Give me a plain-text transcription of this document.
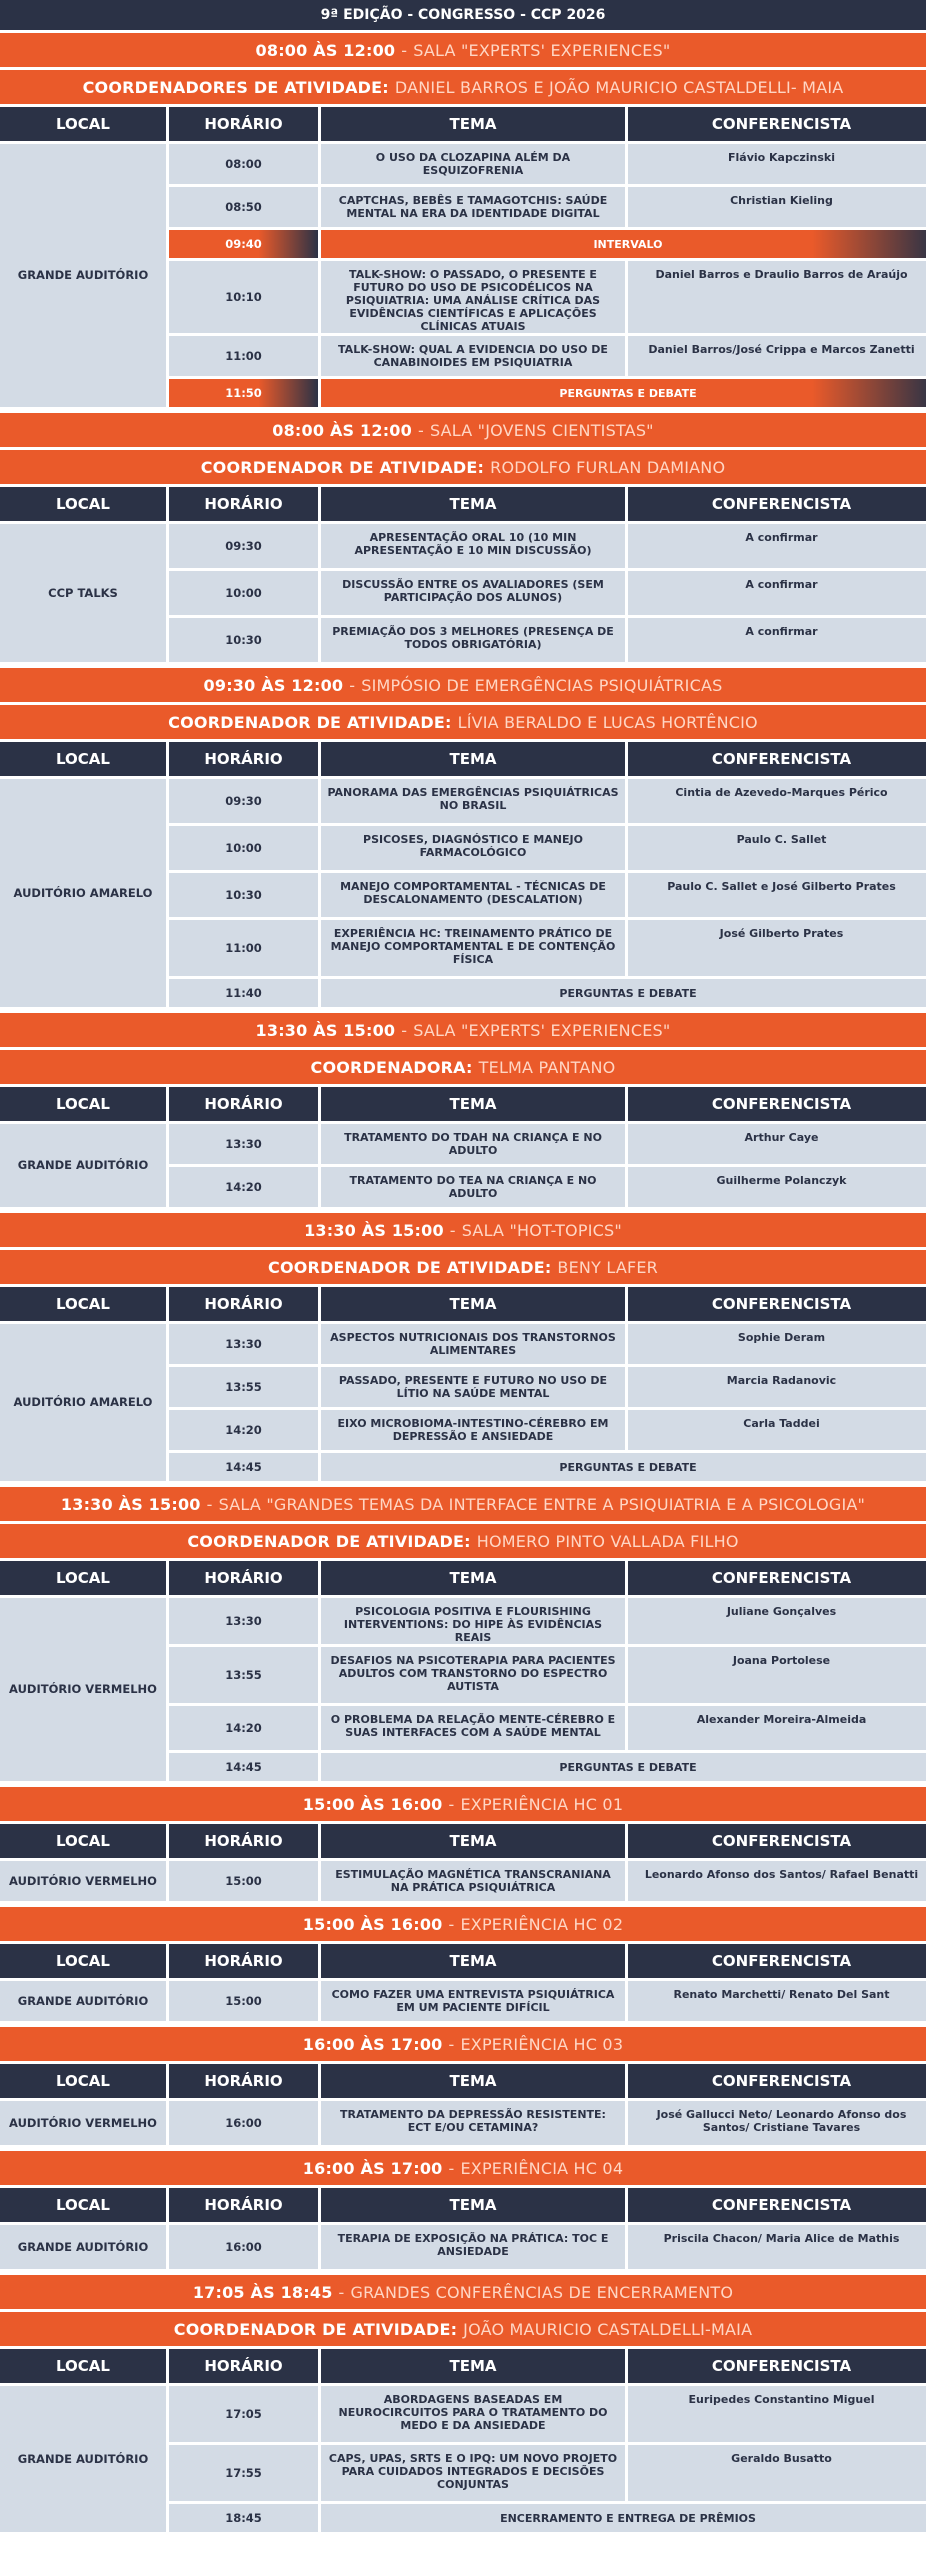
9ª EDIÇÃO - CONGRESSO - CCP 2026
08:00 ÀS 12:00 - SALA "EXPERTS' EXPERIENCES"
COORDENADORES DE ATIVIDADE: DANIEL BARROS E JOÃO MAURICIO CASTALDELLI- MAIA
LOCAL	HORÁRIO	TEMA	CONFERENCISTA
GRANDE AUDITÓRIO	08:00	O USO DA CLOZAPINA ALÉM DA ESQUIZOFRENIA	Flávio Kapczinski
	08:50	CAPTCHAS, BEBÊS E TAMAGOTCHIS: SAÚDE MENTAL NA ERA DA IDENTIDADE DIGITAL	Christian Kieling
	09:40	INTERVALO	
	10:10	TALK-SHOW: O PASSADO, O PRESENTE E FUTURO DO USO DE PSICODÉLICOS NA PSIQUIATRIA: UMA ANÁLISE CRÍTICA DAS EVIDÊNCIAS CIENTÍFICAS E APLICAÇÕES CLÍNICAS ATUAIS	Daniel Barros e Draulio Barros de Araújo
	11:00	TALK-SHOW: QUAL A EVIDENCIA DO USO DE CANABINOIDES EM PSIQUIATRIA	Daniel Barros/José Crippa e Marcos Zanetti
	11:50	PERGUNTAS E DEBATE	
08:00 ÀS 12:00 - SALA "JOVENS CIENTISTAS"
COORDENADOR DE ATIVIDADE: RODOLFO FURLAN DAMIANO
LOCAL	HORÁRIO	TEMA	CONFERENCISTA
CCP TALKS	09:30	APRESENTAÇÃO ORAL 10 (10 MIN APRESENTAÇÃO E 10 MIN DISCUSSÃO)	A confirmar
	10:00	DISCUSSÃO ENTRE OS AVALIADORES (SEM PARTICIPAÇÃO DOS ALUNOS)	A confirmar
	10:30	PREMIAÇÃO DOS 3 MELHORES (PRESENÇA DE TODOS OBRIGATÓRIA)	A confirmar
09:30 ÀS 12:00 - SIMPÓSIO DE EMERGÊNCIAS PSIQUIÁTRICAS
COORDENADOR DE ATIVIDADE: LÍVIA BERALDO E LUCAS HORTÊNCIO
LOCAL	HORÁRIO	TEMA	CONFERENCISTA
AUDITÓRIO AMARELO	09:30	PANORAMA DAS EMERGÊNCIAS PSIQUIÁTRICAS NO BRASIL	Cintia de Azevedo-Marques Périco
	10:00	PSICOSES, DIAGNÓSTICO E MANEJO FARMACOLÓGICO	Paulo C. Sallet
	10:30	MANEJO COMPORTAMENTAL - TÉCNICAS DE DESCALONAMENTO (DESCALATION)	Paulo C. Sallet e José Gilberto Prates
	11:00	EXPERIÊNCIA HC: TREINAMENTO PRÁTICO DE MANEJO COMPORTAMENTAL E DE CONTENÇÃO FÍSICA	José Gilberto Prates
	11:40	PERGUNTAS E DEBATE	
13:30 ÀS 15:00 - SALA "EXPERTS' EXPERIENCES"
COORDENADORA: TELMA PANTANO
LOCAL	HORÁRIO	TEMA	CONFERENCISTA
GRANDE AUDITÓRIO	13:30	TRATAMENTO DO TDAH NA CRIANÇA E NO ADULTO	Arthur Caye
	14:20	TRATAMENTO DO TEA NA CRIANÇA E NO ADULTO	Guilherme Polanczyk
13:30 ÀS 15:00 - SALA "HOT-TOPICS"
COORDENADOR DE ATIVIDADE: BENY LAFER
LOCAL	HORÁRIO	TEMA	CONFERENCISTA
AUDITÓRIO AMARELO	13:30	ASPECTOS NUTRICIONAIS DOS TRANSTORNOS ALIMENTARES	Sophie Deram
	13:55	PASSADO, PRESENTE E FUTURO NO USO DE LÍTIO NA SAÚDE MENTAL	Marcia Radanovic
	14:20	EIXO MICROBIOMA-INTESTINO-CÉREBRO EM DEPRESSÃO E ANSIEDADE	Carla Taddei
	14:45	PERGUNTAS E DEBATE	
13:30 ÀS 15:00 - SALA "GRANDES TEMAS DA INTERFACE ENTRE A PSIQUIATRIA E A PSICOLOGIA"
COORDENADOR DE ATIVIDADE: HOMERO PINTO VALLADA FILHO
LOCAL	HORÁRIO	TEMA	CONFERENCISTA
AUDITÓRIO VERMELHO	13:30	PSICOLOGIA POSITIVA E FLOURISHING INTERVENTIONS: DO HIPE ÀS EVIDÊNCIAS REAIS	Juliane Gonçalves
	13:55	DESAFIOS NA PSICOTERAPIA PARA PACIENTES ADULTOS COM TRANSTORNO DO ESPECTRO AUTISTA	Joana Portolese
	14:20	O PROBLEMA DA RELAÇÃO MENTE-CÉREBRO E SUAS INTERFACES COM A SAÚDE MENTAL	Alexander Moreira-Almeida
	14:45	PERGUNTAS E DEBATE	
15:00 ÀS 16:00 - EXPERIÊNCIA HC 01
LOCAL	HORÁRIO	TEMA	CONFERENCISTA
AUDITÓRIO VERMELHO	15:00	ESTIMULAÇÃO MAGNÉTICA TRANSCRANIANA NA PRÁTICA PSIQUIÁTRICA	Leonardo Afonso dos Santos/ Rafael Benatti
15:00 ÀS 16:00 - EXPERIÊNCIA HC 02
LOCAL	HORÁRIO	TEMA	CONFERENCISTA
GRANDE AUDITÓRIO	15:00	COMO FAZER UMA ENTREVISTA PSIQUIÁTRICA EM UM PACIENTE DIFÍCIL	Renato Marchetti/ Renato Del Sant
16:00 ÀS 17:00 - EXPERIÊNCIA HC 03
LOCAL	HORÁRIO	TEMA	CONFERENCISTA
AUDITÓRIO VERMELHO	16:00	TRATAMENTO DA DEPRESSÃO RESISTENTE: ECT E/OU CETAMINA?	José Gallucci Neto/ Leonardo Afonso dos Santos/ Cristiane Tavares
16:00 ÀS 17:00 - EXPERIÊNCIA HC 04
LOCAL	HORÁRIO	TEMA	CONFERENCISTA
GRANDE AUDITÓRIO	16:00	TERAPIA DE EXPOSIÇÃO NA PRÁTICA: TOC E ANSIEDADE	Priscila Chacon/ Maria Alice de Mathis
17:05 ÀS 18:45 - GRANDES CONFERÊNCIAS DE ENCERRAMENTO
COORDENADOR DE ATIVIDADE: JOÃO MAURICIO CASTALDELLI-MAIA
LOCAL	HORÁRIO	TEMA	CONFERENCISTA
GRANDE AUDITÓRIO	17:05	ABORDAGENS BASEADAS EM NEUROCIRCUITOS PARA O TRATAMENTO DO MEDO E DA ANSIEDADE	Euripedes Constantino Miguel
	17:55	CAPS, UPAS, SRTS E O IPQ: UM NOVO PROJETO PARA CUIDADOS INTEGRADOS E DECISÕES CONJUNTAS	Geraldo Busatto
	18:45	ENCERRAMENTO E ENTREGA DE PRÊMIOS	
